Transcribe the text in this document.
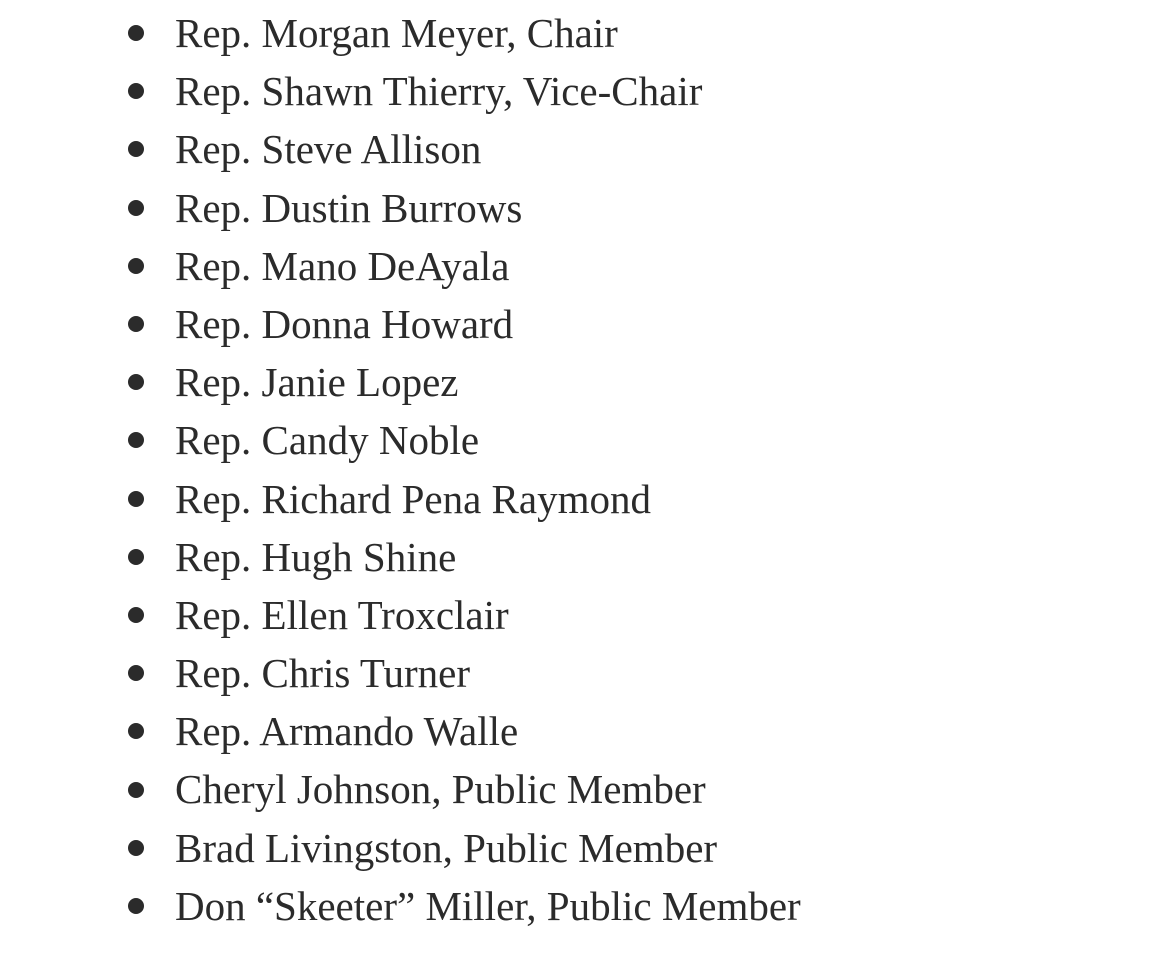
Rep. Morgan Meyer, Chair
Rep. Shawn Thierry, Vice-Chair
Rep. Steve Allison
Rep. Dustin Burrows
Rep. Mano DeAyala
Rep. Donna Howard
Rep. Janie Lopez
Rep. Candy Noble
Rep. Richard Pena Raymond
Rep. Hugh Shine
Rep. Ellen Troxclair
Rep. Chris Turner
Rep. Armando Walle
Cheryl Johnson, Public Member
Brad Livingston, Public Member
Don “Skeeter” Miller, Public Member
